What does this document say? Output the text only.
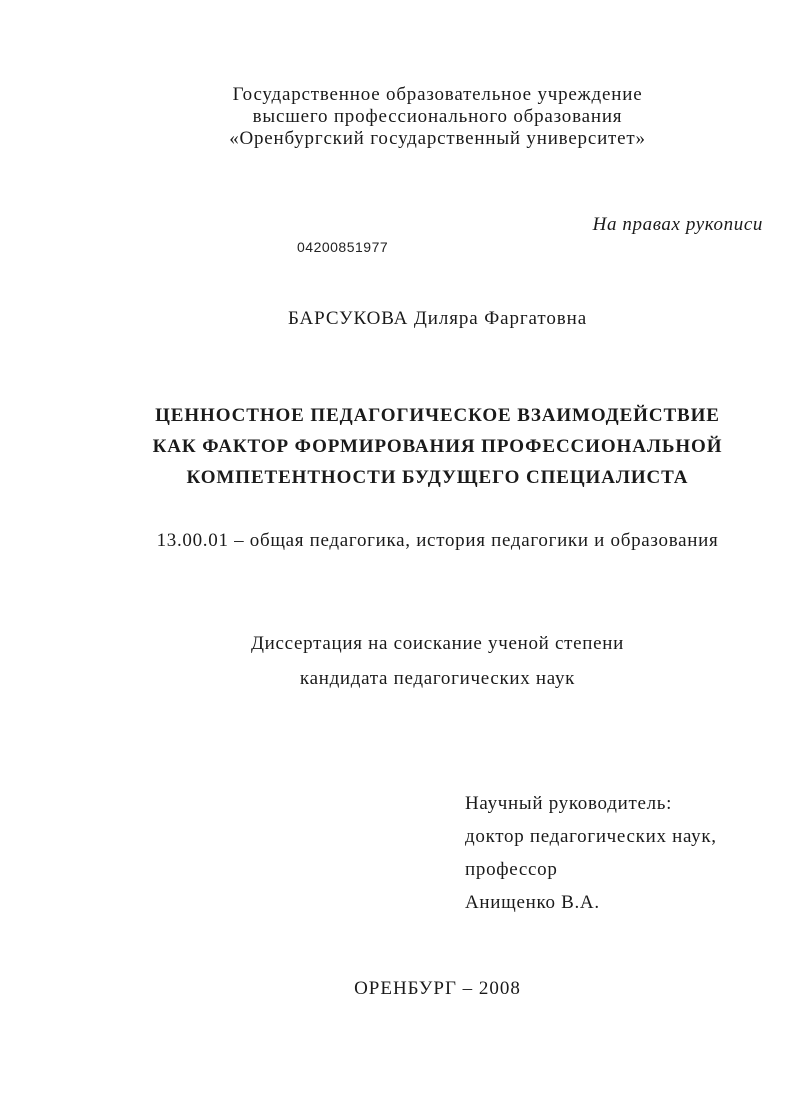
Государственное образовательное учреждение
высшего профессионального образования
«Оренбургский государственный университет»
На правах рукописи
04200851977
БАРСУКОВА Диляра Фаргатовна
ЦЕННОСТНОЕ ПЕДАГОГИЧЕСКОЕ ВЗАИМОДЕЙСТВИЕ
КАК ФАКТОР ФОРМИРОВАНИЯ ПРОФЕССИОНАЛЬНОЙ
КОМПЕТЕНТНОСТИ БУДУЩЕГО СПЕЦИАЛИСТА
13.00.01 – общая педагогика, история педагогики и образования
Диссертация на соискание ученой степени
кандидата педагогических наук
Научный руководитель:
доктор педагогических наук,
профессор
Анищенко В.А.
ОРЕНБУРГ – 2008
